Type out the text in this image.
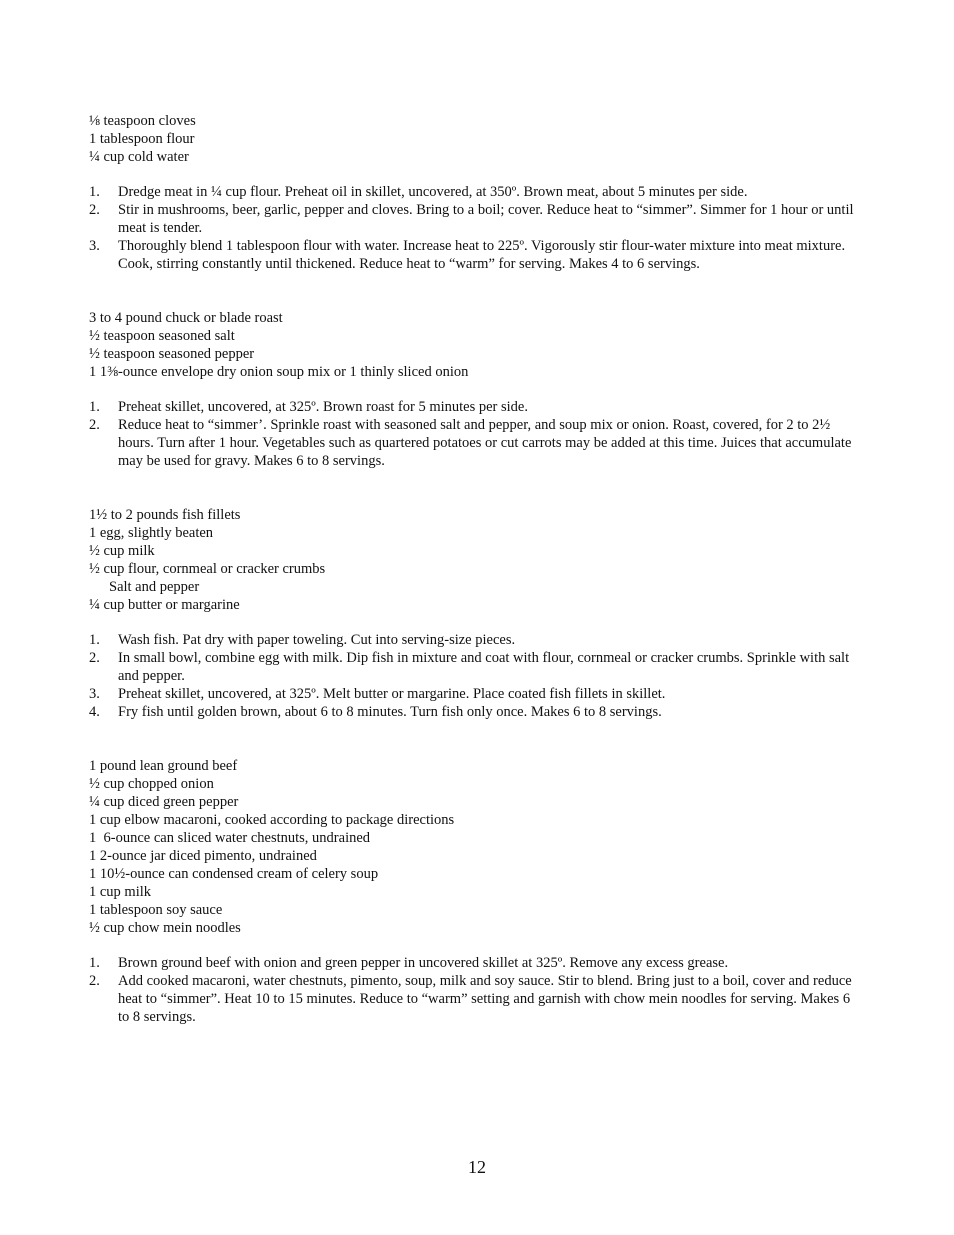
⅛ teaspoon cloves

1 tablespoon flour

¼ cup cold water

1. Dredge meat in ¼ cup flour. Preheat oil in skillet, uncovered, at 350º. Brown meat, about 5 minutes per side.
2. Stir in mushrooms, beer, garlic, pepper and cloves. Bring to a boil; cover. Reduce heat to “simmer”. Simmer for 1 hour or until meat is tender.
3. Thoroughly blend 1 tablespoon flour with water. Increase heat to 225º. Vigorously stir flour-water mixture into meat mixture. Cook, stirring constantly until thickened. Reduce heat to “warm” for serving. Makes 4 to 6 servings.

3 to 4 pound chuck or blade roast

½ teaspoon seasoned salt

½ teaspoon seasoned pepper

1 1⅜-ounce envelope dry onion soup mix or 1 thinly sliced onion

1. Preheat skillet, uncovered, at 325º. Brown roast for 5 minutes per side.
2. Reduce heat to “simmer’. Sprinkle roast with seasoned salt and pepper, and soup mix or onion. Roast, covered, for 2 to 2½ hours. Turn after 1 hour. Vegetables such as quartered potatoes or cut carrots may be added at this time. Juices that accumulate may be used for gravy. Makes 6 to 8 servings.

1½ to 2 pounds fish fillets

1 egg, slightly beaten

½ cup milk

½ cup flour, cornmeal or cracker crumbs

Salt and pepper

¼ cup butter or margarine

1. Wash fish. Pat dry with paper toweling. Cut into serving-size pieces.
2. In small bowl, combine egg with milk. Dip fish in mixture and coat with flour, cornmeal or cracker crumbs. Sprinkle with salt and pepper.
3. Preheat skillet, uncovered, at 325º. Melt butter or margarine. Place coated fish fillets in skillet.
4. Fry fish until golden brown, about 6 to 8 minutes. Turn fish only once. Makes 6 to 8 servings.

1 pound lean ground beef

½ cup chopped onion

¼ cup diced green pepper

1 cup elbow macaroni, cooked according to package directions

1  6-ounce can sliced water chestnuts, undrained

1 2-ounce jar diced pimento, undrained

1 10½-ounce can condensed cream of celery soup

1 cup milk

1 tablespoon soy sauce

½ cup chow mein noodles

1. Brown ground beef with onion and green pepper in uncovered skillet at 325º. Remove any excess grease.
2. Add cooked macaroni, water chestnuts, pimento, soup, milk and soy sauce. Stir to blend. Bring just to a boil, cover and reduce heat to “simmer”. Heat 10 to 15 minutes. Reduce to “warm” setting and garnish with chow mein noodles for serving. Makes 6 to 8 servings.
12
